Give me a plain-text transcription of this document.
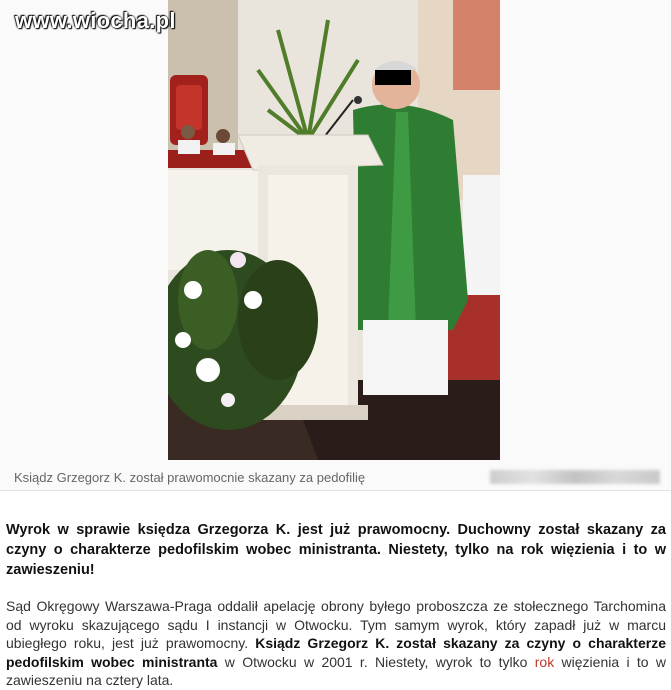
www.wiocha.pl
Ksiądz Grzegorz K. został prawomocnie skazany za pedofilię

Wyrok w sprawie księdza Grzegorza K. jest już prawomocny. Duchowny został skazany za czyny o charakterze pedofilskim wobec ministranta. Niestety, tylko na rok więzienia i to w zawieszeniu!

Sąd Okręgowy Warszawa-Praga oddalił apelację obrony byłego proboszcza ze stołecznego Tarchomina od wyroku skazującego sądu I instancji w Otwocku. Tym samym wyrok, który zapadł już w marcu ubiegłego roku, jest już prawomocny. Ksiądz Grzegorz K. został skazany za czyny o charakterze pedofilskim wobec ministranta w Otwocku w 2001 r. Niestety, wyrok to tylko rok więzienia i to w zawieszeniu na cztery lata.
